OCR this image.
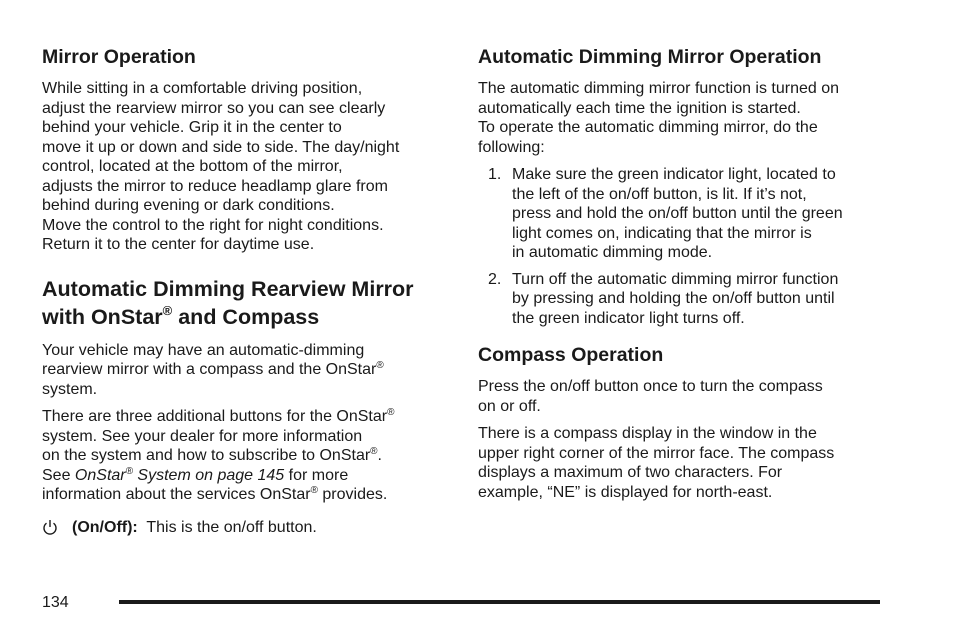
Mirror Operation

While sitting in a comfortable driving position,
adjust the rearview mirror so you can see clearly
behind your vehicle. Grip it in the center to
move it up or down and side to side. The day/night
control, located at the bottom of the mirror,
adjusts the mirror to reduce headlamp glare from
behind during evening or dark conditions.
Move the control to the right for night conditions.
Return it to the center for daytime use.

Automatic Dimming Rearview Mirror
with OnStar® and Compass

Your vehicle may have an automatic-dimming
rearview mirror with a compass and the OnStar®
system.

There are three additional buttons for the OnStar®
system. See your dealer for more information
on the system and how to subscribe to OnStar®.
See OnStar® System on page 145 for more
information about the services OnStar® provides.

(On/Off): This is the on/off button.
Automatic Dimming Mirror Operation

The automatic dimming mirror function is turned on
automatically each time the ignition is started.
To operate the automatic dimming mirror, do the
following:

1. Make sure the green indicator light, located to
the left of the on/off button, is lit. If it’s not,
press and hold the on/off button until the green
light comes on, indicating that the mirror is
in automatic dimming mode.
2. Turn off the automatic dimming mirror function
by pressing and holding the on/off button until
the green indicator light turns off.
Compass Operation

Press the on/off button once to turn the compass
on or off.

There is a compass display in the window in the
upper right corner of the mirror face. The compass
displays a maximum of two characters. For
example, “NE” is displayed for north-east.

134
